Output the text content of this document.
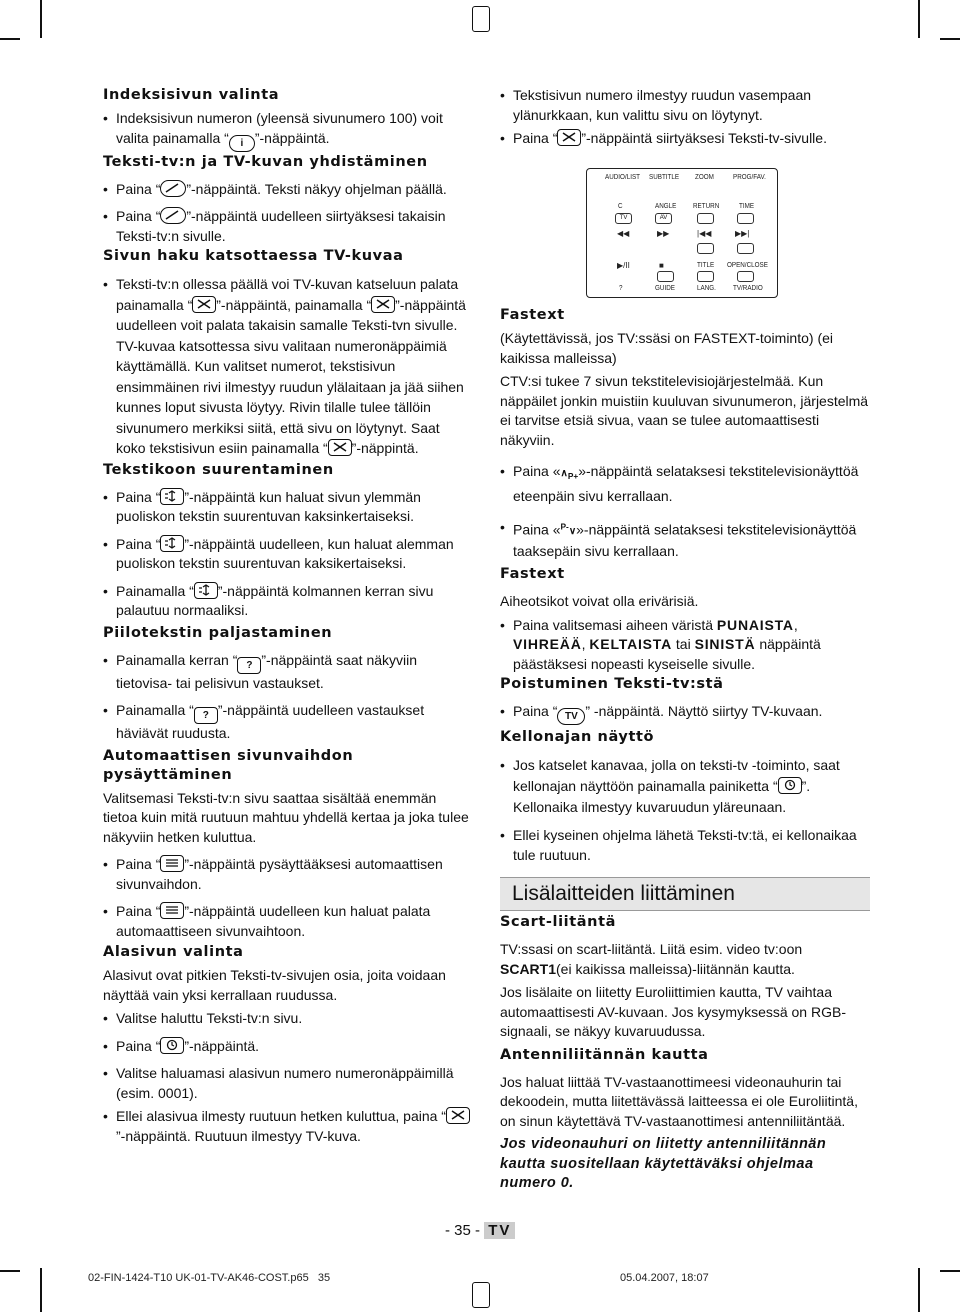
Indeksisivun valinta

• Indeksisivun numeron (yleensä sivunumero 100) voit valita painamalla “ i ”-näppäintä.

Teksti-tv:n ja TV-kuvan yhdistäminen

• Paina “ ”-näppäintä. Teksti näkyy ohjelman päällä.

• Paina “ ”-näppäintä uudelleen siirtyäksesi takaisin Teksti-tv:n sivulle.

Sivun haku katsottaessa TV-kuvaa

• Teksti-tv:n ollessa päällä voi TV-kuvan katseluun palata painamalla “ ”-näppäintä, painamalla “ ”-näppäintä uudelleen voit palata takaisin samalle Teksti-tvn sivulle. TV-kuvaa katsottessa sivu valitaan numeronäppäimiä käyttämällä. Kun valitset numerot, tekstisivun ensimmäinen rivi ilmestyy ruudun ylälaitaan ja jää siihen kunnes loput sivusta löytyy. Rivin tilalle tulee tällöin sivunumero merkiksi siitä, että sivu on löytynyt. Saat koko tekstisivun esiin painamalla “ ”-näppintä.

Tekstikoon suurentaminen

• Paina “ ”-näppäintä kun haluat sivun ylemmän puoliskon tekstin suurentuvan kaksinkertaiseksi.

• Paina “ ”-näppäintä uudelleen, kun haluat alemman puoliskon tekstin suurentuvan kaksikertaiseksi.

• Painamalla “ ”-näppäintä kolmannen kerran sivu palautuu normaaliksi.

Piilotekstin paljastaminen

• Painamalla kerran “ ? ”-näppäintä saat näkyviin tietovisa- tai pelisivun vastaukset.

• Painamalla “ ? ”-näppäintä uudelleen vastaukset häviävät ruudusta.

Automaattisen sivunvaihdon pysäyttäminen

Valitsemasi Teksti-tv:n sivu saattaa sisältää enemmän tietoa kuin mitä ruutuun mahtuu yhdellä kertaa ja joka tulee näkyviin hetken kuluttua.

• Paina “ ”-näppäintä pysäyttääksesi automaattisen sivunvaihdon.

• Paina “ ”-näppäintä uudelleen kun haluat palata automaattiseen sivunvaihtoon.

Alasivun valinta

Alasivut ovat pitkien Teksti-tv-sivujen osia, joita voidaan näyttää vain yksi kerrallaan ruudussa.

• Valitse haluttu Teksti-tv:n sivu.

• Paina “ ”-näppäintä.

• Valitse haluamasi alasivun numero numeronäppäimillä (esim. 0001).

• Ellei alasivua ilmesty ruutuun hetken kuluttua, paina “
”-näppäintä. Ruutuun ilmestyy TV-kuva.

• Tekstisivun numero ilmestyy ruudun vasempaan ylänurkkaan, kun valittu sivu on löytynyt.

• Paina “ ”-näppäintä siirtyäksesi Teksti-tv-sivulle.

AUDIO/LIST SUBTITLE ZOOM	PROG/FAV.
C	ANGLE RETURN	TIME
TV	AV
◀◀	▶▶	|◀◀	▶▶|
▶/II	■	TITLE OPEN/CLOSE
?	GUIDE	LANG. TV/RADIO

Fastext

(Käytettävissä, jos TV:ssäsi on FASTEXT-toiminto) (ei kaikissa malleissa)

CTV:si tukee 7 sivun tekstitelevisiojärjestelmää. Kun näppäilet jonkin muistiin kuuluvan sivunumeron, järjestelmä ei tarvitse etsiä sivua, vaan se tulee automaattisesti näkyviin.

• Paina «$\wedge_{P+}$»-näppäintä selataksesi tekstitelevisionäyttöä eteenpäin sivu kerrallaan.

• Paina «$^{P-}$∨»-näppäintä selataksesi tekstitelevisionäyttöä taaksepäin sivu kerrallaan.

Fastext

Aiheotsikot voivat olla erivärisiä.

• Paina valitsemasi aiheen väristä PUNAISTA, VIHREÄÄ, KELTAISTA tai SINISTÄ näppäintä päästäksesi nopeasti kyseiselle sivulle.

Poistuminen Teksti-tv:stä

• Paina “ TV ” -näppäintä. Näyttö siirtyy TV-kuvaan.

Kellonajan näyttö

• Jos katselet kanavaa, jolla on teksti-tv -toiminto, saat kellonajan näyttöön painamalla painiketta “ ”. Kellonaika ilmestyy kuvaruudun yläreunaan.

• Ellei kyseinen ohjelma lähetä Teksti-tv:tä, ei kellonaikaa tule ruutuun.

Lisälaitteiden liittäminen

Scart-liitäntä

TV:ssasi on scart-liitäntä. Liitä esim. video tv:oon SCART1(ei kaikissa malleissa)-liitännän kautta.

Jos lisälaite on liitetty Euroliittimien kautta, TV vaihtaa automaattisesti AV-kuvaan. Jos kysymyksessä on RGB-signaali, se näkyy kuvaruudussa.

Antenniliitännän kautta

Jos haluat liittää TV-vastaanottimeesi videonauhurin tai dekoodein, mutta liitettävässä laitteessa ei ole Euroliitintä, on sinun käytettävä TV-vastaanottimesi antenniliitäntää.

Jos videonauhuri on liitetty antenniliitännän kautta suositellaan käytettäväksi ohjelmaa numero 0.

- 35 - TV
02-FIN-1424-T10 UK-01-TV-AK46-COST.p65 35	05.04.2007, 18:07
